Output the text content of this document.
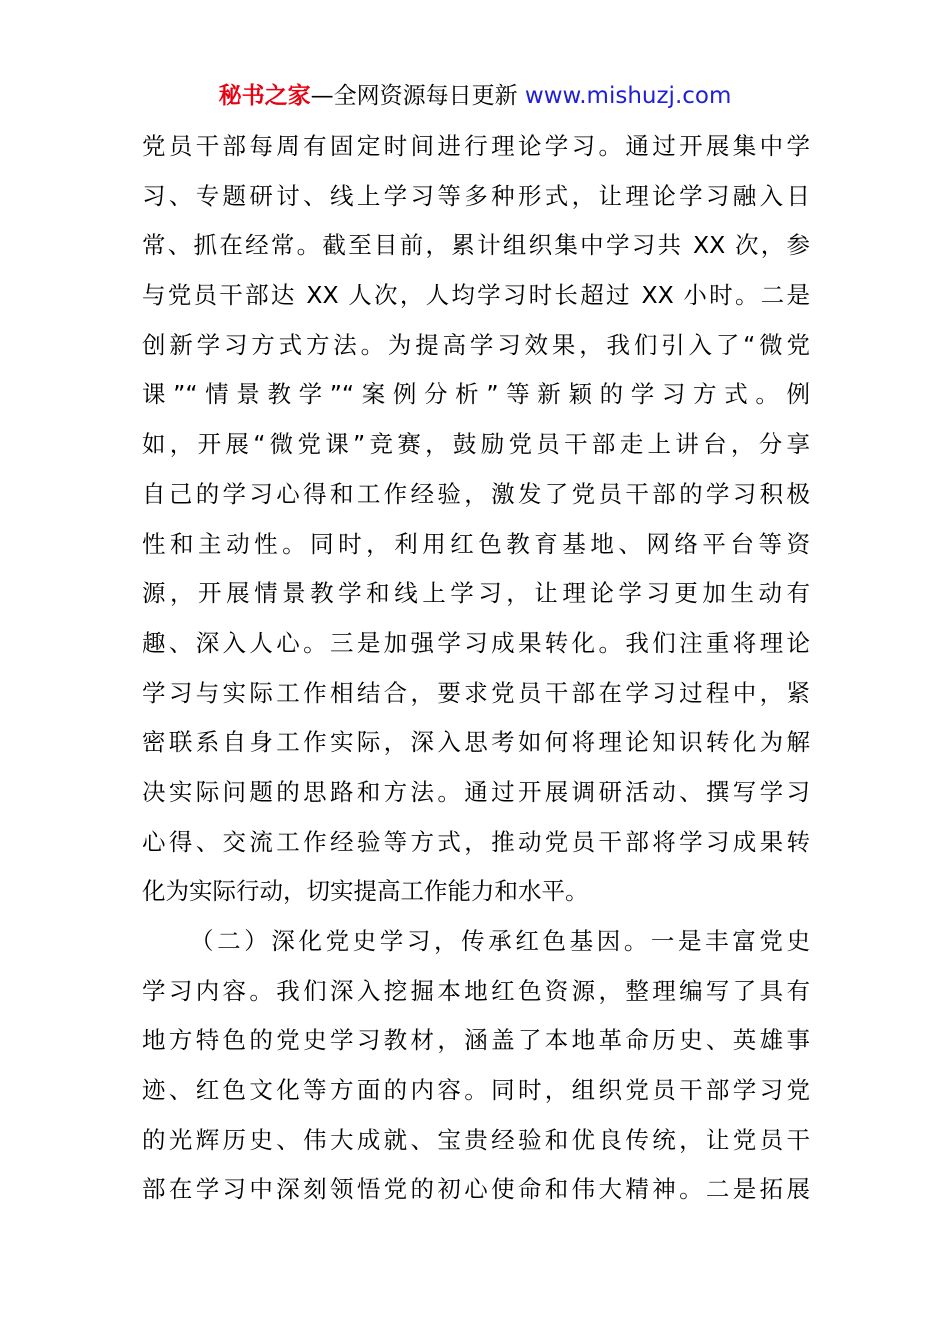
秘书之家—全网资源每日更新 www.mishuzj.com
党员干部每周有固定时间进行理论学习。通过开展集中学
习、专题研讨、线上学习等多种形式，让理论学习融入日
常、抓在经常。截至目前，累计组织集中学习共 XX 次，参
与党员干部达 XX 人次，人均学习时长超过 XX 小时。二是
创新学习方式方法。为提高学习效果，我们引入了“微党
课”“情景教学”“案例分析”等新颖的学习方式。例
如，开展“微党课”竞赛，鼓励党员干部走上讲台，分享
自己的学习心得和工作经验，激发了党员干部的学习积极
性和主动性。同时，利用红色教育基地、网络平台等资
源，开展情景教学和线上学习，让理论学习更加生动有
趣、深入人心。三是加强学习成果转化。我们注重将理论
学习与实际工作相结合，要求党员干部在学习过程中，紧
密联系自身工作实际，深入思考如何将理论知识转化为解
决实际问题的思路和方法。通过开展调研活动、撰写学习
心得、交流工作经验等方式，推动党员干部将学习成果转
化为实际行动，切实提高工作能力和水平。
（二）深化党史学习，传承红色基因。一是丰富党史
学习内容。我们深入挖掘本地红色资源，整理编写了具有
地方特色的党史学习教材，涵盖了本地革命历史、英雄事
迹、红色文化等方面的内容。同时，组织党员干部学习党
的光辉历史、伟大成就、宝贵经验和优良传统，让党员干
部在学习中深刻领悟党的初心使命和伟大精神。二是拓展
